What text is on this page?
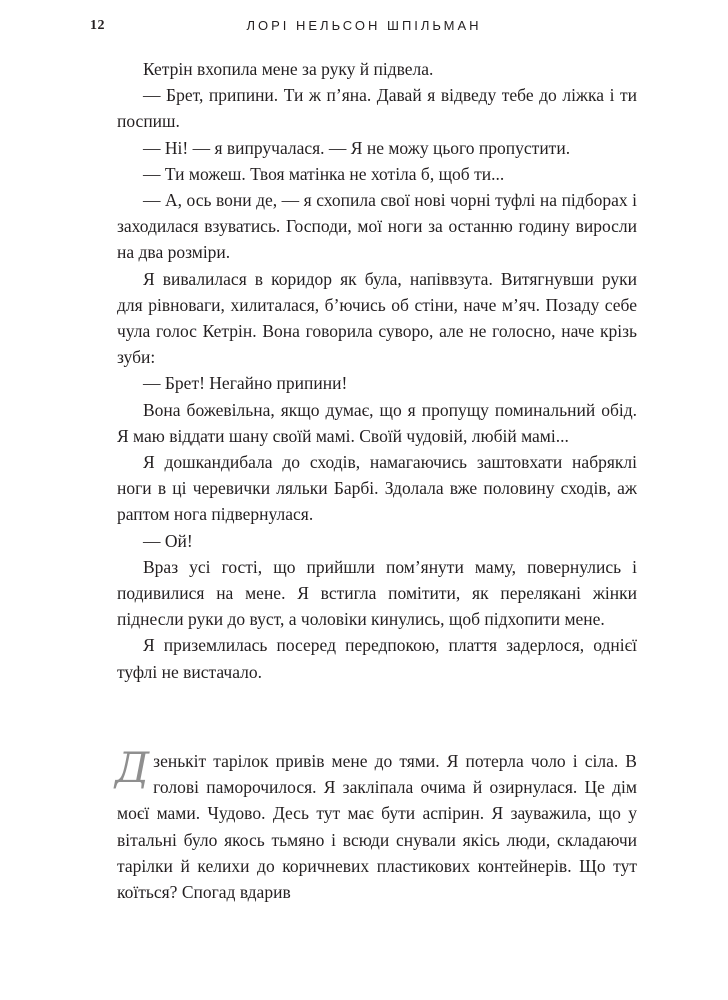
12	ЛОРІ НЕЛЬСОН ШПІЛЬМАН

Кетрін вхопила мене за руку й підвела.

— Брет, припини. Ти ж п’яна. Давай я відведу тебе до ліжка і ти поспиш.

— Ні! — я випручалася. — Я не можу цього пропустити.

— Ти можеш. Твоя матінка не хотіла б, щоб ти...

— А, ось вони де, — я схопила свої нові чорні туфлі на підборах і заходилася взуватись. Господи, мої ноги за останню годину виросли на два розміри.

Я вивалилася в коридор як була, напіввзута. Витягнувши руки для рівноваги, хилиталася, б’ючись об стіни, наче м’яч. Позаду себе чула голос Кетрін. Вона говорила суворо, але не голосно, наче крізь зуби:

— Брет! Негайно припини!

Вона божевільна, якщо думає, що я пропущу поминальний обід. Я маю віддати шану своїй мамі. Своїй чудовій, любій мамі...

Я дошкандибала до сходів, намагаючись заштовхати набряклі ноги в ці черевички ляльки Барбі. Здолала вже половину сходів, аж раптом нога підвернулася.

— Ой!

Враз усі гості, що прийшли пом’янути маму, повернулись і подивилися на мене. Я встигла помітити, як перелякані жінки піднесли руки до вуст, а чоловіки кинулись, щоб підхопити мене.

Я приземлилась посеред передпокою, плаття задерлося, однієї туфлі не вистачало.

Дзенькіт тарілок привів мене до тями. Я потерла чоло і сіла. В голові паморочилося. Я заклiпала очима й озирнулася. Це дім моєї мами. Чудово. Десь тут має бути аспірин. Я зауважила, що у вітальні було якось тьмяно і всюди снували якісь люди, складаючи тарілки й келихи до коричневих пластикових контейнерів. Що тут коїться? Спогад вдарив
